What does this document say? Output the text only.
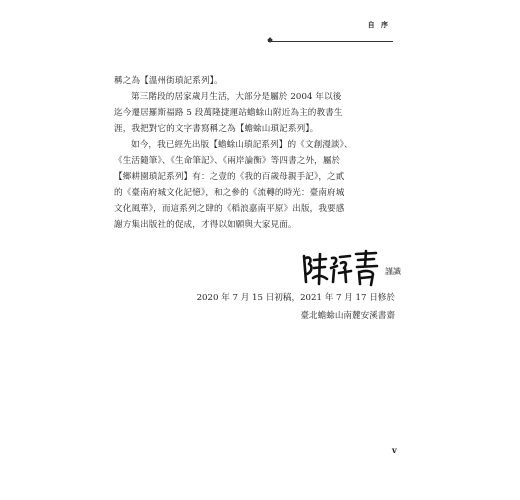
自 序

稱之為【溫州街瑣記系列】。

第三階段的居家歲月生活，大部分是屬於 2004 年以後

迄今遷居羅斯福路 5 段萬隆捷運站蟾蜍山附近為主的教書生
涯，我把對它的文字書寫稱之為【蟾蜍山瑣記系列】。

如今，我已經先出版【蟾蜍山瑣記系列】的《文創漫談》、

《生活隨筆》、《生命筆記》、《兩岸論衡》等四書之外，屬於
【鄉耕園瑣記系列】有：之壹的《我的百歲母親手記》，之貳
的《臺南府城文化記憶》，和之參的《流轉的時光：臺南府城
文化風華》，而這系列之肆的《稻浪嘉南平原》出版，我要感
謝方集出版社的促成，才得以如願與大家見面。

謹識
2020 年 7 月 15 日初稿，2021 年 7 月 17 日修於
臺北蟾蜍山南麓安溪書齋
v
